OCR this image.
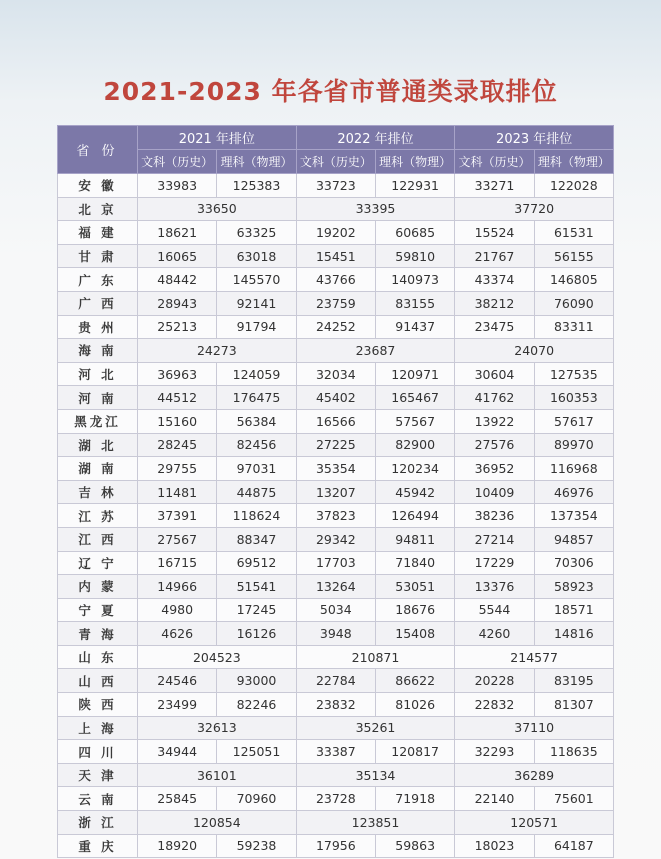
2021-2023 年各省市普通类录取排位
省 份	2021 年排位		2022 年排位		2023 年排位	
	文科（历史）	理科（物理）	文科（历史）	理科（物理）	文科（历史）	理科（物理）
安 徽	33983	125383	33723	122931	33271	122028
北 京	33650		33395		37720	
福 建	18621	63325	19202	60685	15524	61531
甘 肃	16065	63018	15451	59810	21767	56155
广 东	48442	145570	43766	140973	43374	146805
广 西	28943	92141	23759	83155	38212	76090
贵 州	25213	91794	24252	91437	23475	83311
海 南	24273		23687		24070	
河 北	36963	124059	32034	120971	30604	127535
河 南	44512	176475	45402	165467	41762	160353
黑龙江	15160	56384	16566	57567	13922	57617
湖 北	28245	82456	27225	82900	27576	89970
湖 南	29755	97031	35354	120234	36952	116968
吉 林	11481	44875	13207	45942	10409	46976
江 苏	37391	118624	37823	126494	38236	137354
江 西	27567	88347	29342	94811	27214	94857
辽 宁	16715	69512	17703	71840	17229	70306
内 蒙	14966	51541	13264	53051	13376	58923
宁 夏	4980	17245	5034	18676	5544	18571
青 海	4626	16126	3948	15408	4260	14816
山 东	204523		210871		214577	
山 西	24546	93000	22784	86622	20228	83195
陕 西	23499	82246	23832	81026	22832	81307
上 海	32613		35261		37110	
四 川	34944	125051	33387	120817	32293	118635
天 津	36101		35134		36289	
云 南	25845	70960	23728	71918	22140	75601
浙 江	120854		123851		120571	
重 庆	18920	59238	17956	59863	18023	64187
